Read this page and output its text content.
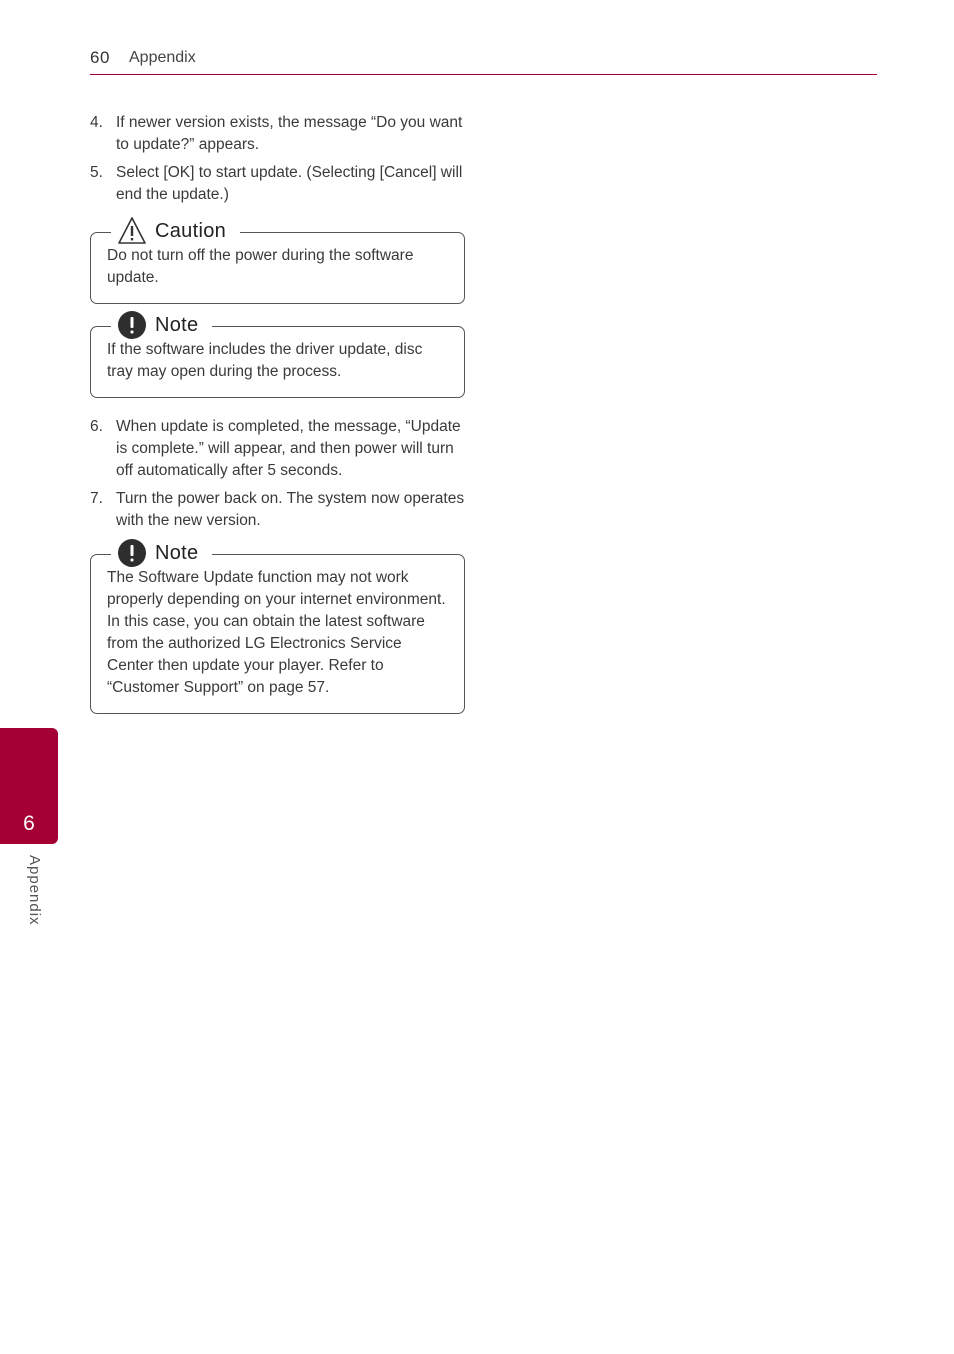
60 Appendix
4. If newer version exists, the message “Do you want to update?” appears.
5. Select [OK] to start update. (Selecting [Cancel] will end the update.)
Caution
Do not turn off the power during the software update.
Note
If the software includes the driver update, disc tray may open during the process.
6. When update is completed, the message, “Update is complete.” will appear, and then power will turn off automatically after 5 seconds.
7. Turn the power back on. The system now operates with the new version.
Note
The Software Update function may not work properly depending on your internet environment. In this case, you can obtain the latest software from the authorized LG Electronics Service Center then update your player. Refer to “Customer Support” on page 57.
6
Appendix
